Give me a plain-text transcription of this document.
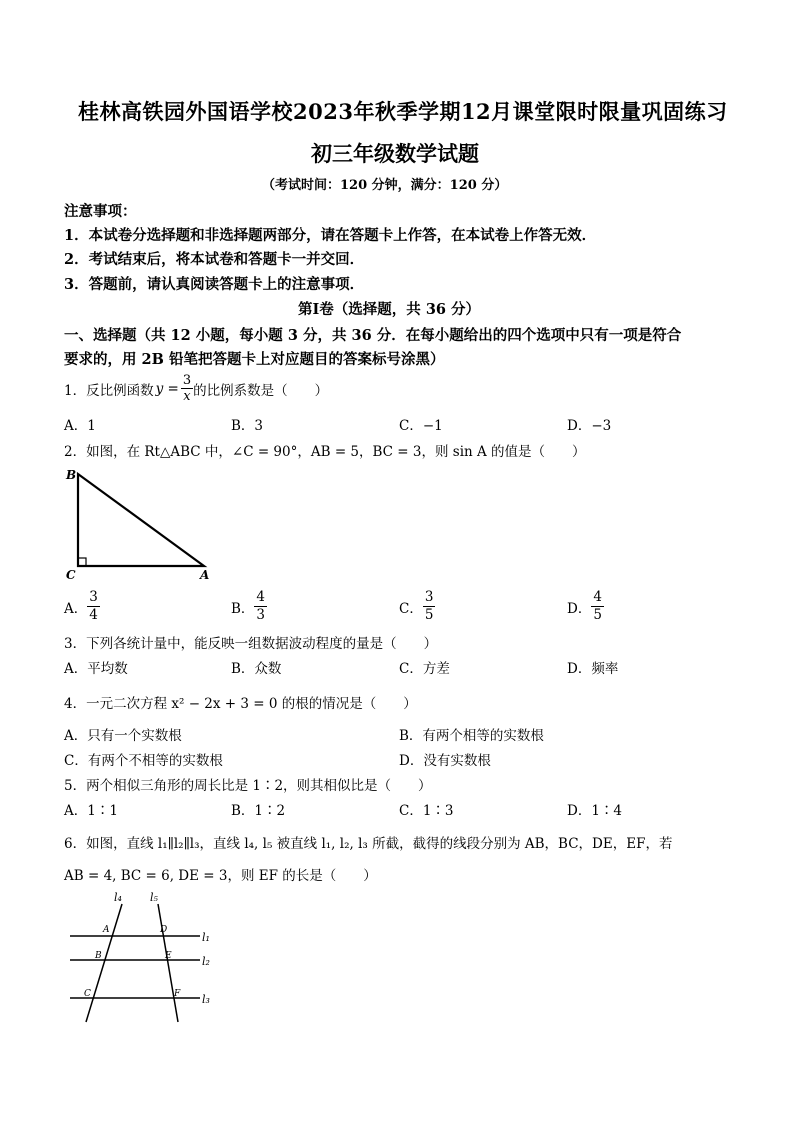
桂林高铁园外国语学校2023年秋季学期12月课堂限时限量巩固练习
初三年级数学试题
（考试时间：120 分钟，满分：120 分）
注意事项：
1．本试卷分选择题和非选择题两部分，请在答题卡上作答，在本试卷上作答无效．
2．考试结束后，将本试卷和答题卡一并交回．
3．答题前，请认真阅读答题卡上的注意事项．
第Ⅰ卷（选择题，共 36 分）
一、选择题（共 12 小题，每小题 3 分，共 36 分．在每小题给出的四个选项中只有一项是符合
要求的，用 2B 铅笔把答题卡上对应题目的答案标号涂黑）
1．反比例函数 $y = \frac{3}{x}$ 的比例系数是（　　）
A．1	B．3	C．−1	D．−3
2．如图，在 Rt△ABC 中，∠C = 90°，AB = 5，BC = 3，则 sin A 的值是（　　）
B
C	A
A． $\frac{3}{4}$	B． $\frac{4}{3}$	C． $\frac{3}{5}$	D． $\frac{4}{5}$
3．下列各统计量中，能反映一组数据波动程度的量是（　　）
A．平均数	B．众数	C．方差	D．频率
4．一元二次方程 x² − 2x + 3 = 0 的根的情况是（　　）
A．只有一个实数根	B．有两个相等的实数根
C．有两个不相等的实数根	D．没有实数根
5．两个相似三角形的周长比是 1∶2，则其相似比是（　　）
A．1∶1	B．1∶2	C．1∶3	D．1∶4
6．如图，直线 l₁∥l₂∥l₃，直线 l₄, l₅ 被直线 l₁, l₂, l₃ 所截，截得的线段分别为 AB，BC，DE，EF，若
AB = 4, BC = 6, DE = 3，则 EF 的长是（　　）
l₄	l₅
l₁
l₂
l₃
A
B
C
D
E
F
